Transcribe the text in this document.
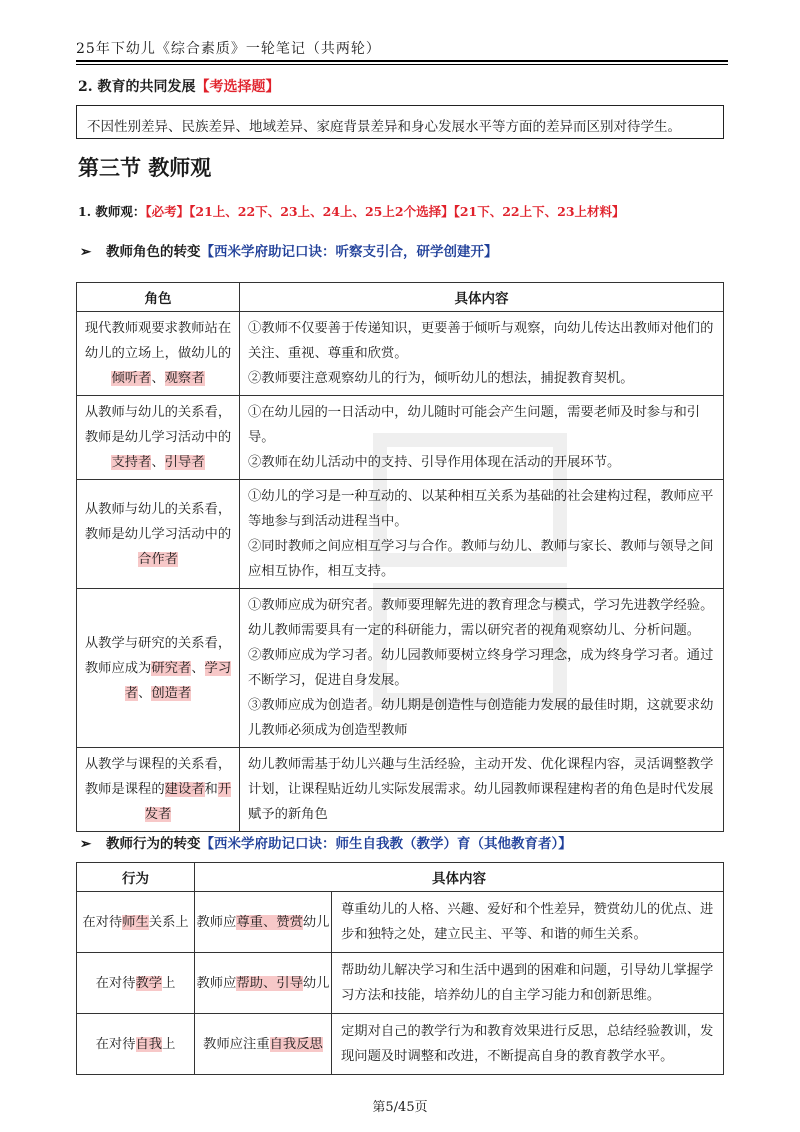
25年下幼儿《综合素质》一轮笔记（共两轮）
2. 教育的共同发展【考选择题】
不因性别差异、民族差异、地域差异、家庭背景差异和身心发展水平等方面的差异而区别对待学生。
第三节 教师观
1. 教师观：【必考】【21上、22下、23上、24上、25上2个选择】【21下、22上下、23上材料】
➢ 教师角色的转变【西米学府助记口诀：听察支引合，研学创建开】
角色	具体内容
现代教师观要求教师站在幼儿的立场上，做幼儿的倾听者、观察者	①教师不仅要善于传递知识，更要善于倾听与观察，向幼儿传达出教师对他们的关注、重视、尊重和欣赏。
②教师要注意观察幼儿的行为，倾听幼儿的想法，捕捉教育契机。

从教师与幼儿的关系看，教师是幼儿学习活动中的支持者、引导者	①在幼儿园的一日活动中，幼儿随时可能会产生问题，需要老师及时参与和引导。
②教师在幼儿活动中的支持、引导作用体现在活动的开展环节。

从教师与幼儿的关系看，教师是幼儿学习活动中的合作者	①幼儿的学习是一种互动的、以某种相互关系为基础的社会建构过程，教师应平等地参与到活动进程当中。
②同时教师之间应相互学习与合作。教师与幼儿、教师与家长、教师与领导之间应相互协作，相互支持。

从教学与研究的关系看，教师应成为研究者、学习者、创造者	①教师应成为研究者。教师要理解先进的教育理念与模式，学习先进教学经验。幼儿教师需要具有一定的科研能力，需以研究者的视角观察幼儿、分析问题。
②教师应成为学习者。幼儿园教师要树立终身学习理念，成为终身学习者。通过不断学习，促进自身发展。
③教师应成为创造者。幼儿期是创造性与创造能力发展的最佳时期，这就要求幼儿教师必须成为创造型教师

从教学与课程的关系看，教师是课程的建设者和开发者	幼儿教师需基于幼儿兴趣与生活经验，主动开发、优化课程内容，灵活调整教学计划，让课程贴近幼儿实际发展需求。幼儿园教师课程建构者的角色是时代发展赋予的新角色
➢ 教师行为的转变【西米学府助记口诀：师生自我教（教学）育（其他教育者）】
行为	具体内容	
在对待师生关系上	教师应尊重、赞赏幼儿	尊重幼儿的人格、兴趣、爱好和个性差异，赞赏幼儿的优点、进步和独特之处，建立民主、平等、和谐的师生关系。
在对待教学上	教师应帮助、引导幼儿	帮助幼儿解决学习和生活中遇到的困难和问题，引导幼儿掌握学习方法和技能，培养幼儿的自主学习能力和创新思维。
在对待自我上	教师应注重自我反思	定期对自己的教学行为和教育效果进行反思，总结经验教训，发现问题及时调整和改进，不断提高自身的教育教学水平。
第5/45页
